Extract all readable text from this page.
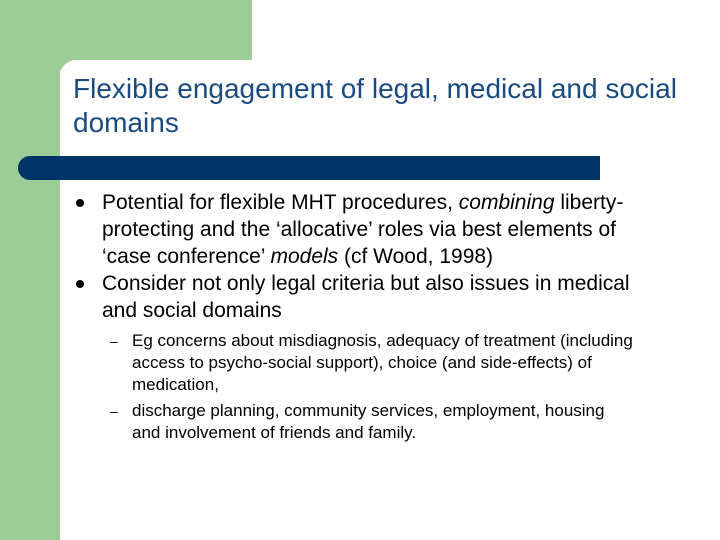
Flexible engagement of legal, medical and social domains
Potential for flexible MHT procedures, combining liberty-protecting and the ‘allocative’ roles via best elements of ‘case conference’ models (cf Wood, 1998)
Consider not only legal criteria but also issues in medical and social domains
– Eg concerns about misdiagnosis, adequacy of treatment (including access to psycho-social support), choice (and side-effects) of medication,
– discharge planning, community services, employment, housing and involvement of friends and family.
